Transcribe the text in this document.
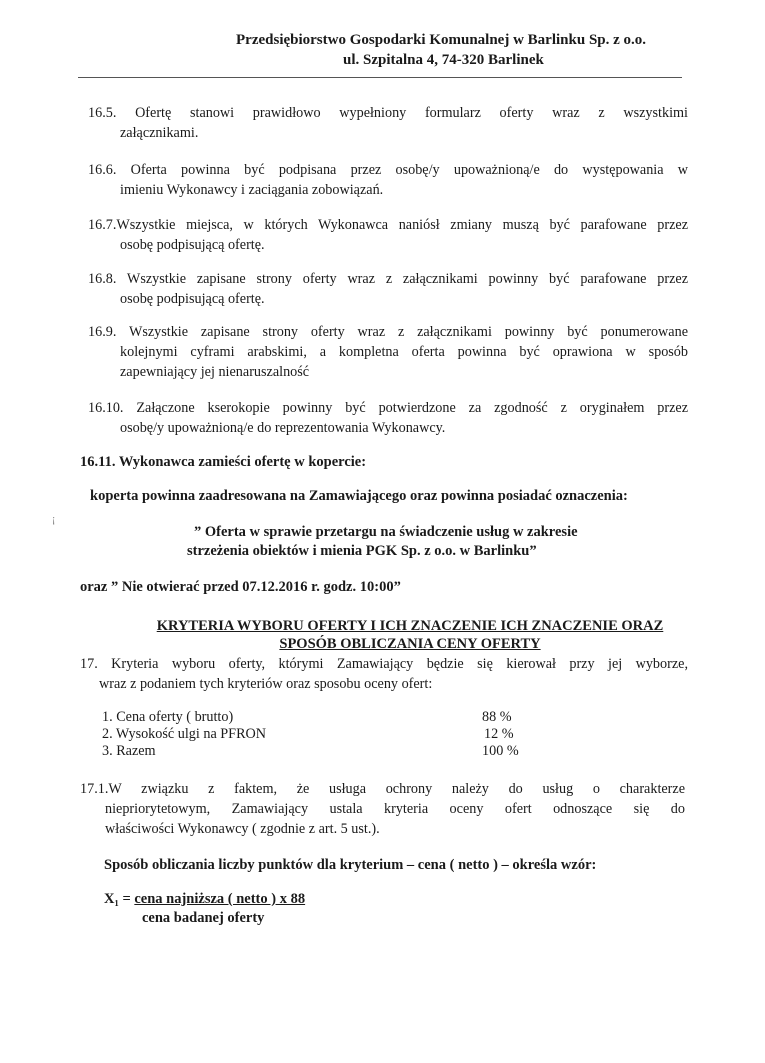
Przedsiębiorstwo Gospodarki Komunalnej w Barlinku Sp. z o.o.
ul. Szpitalna 4, 74-320 Barlinek
16.5. Ofertę stanowi prawidłowo wypełniony formularz oferty wraz z wszystkimi
załącznikami.
16.6. Oferta powinna być podpisana przez osobę/y upoważnioną/e do występowania w
imieniu Wykonawcy i zaciągania zobowiązań.
16.7.Wszystkie miejsca, w których Wykonawca naniósł zmiany muszą być parafowane przez
osobę podpisującą ofertę.
16.8. Wszystkie zapisane strony oferty wraz z załącznikami powinny być parafowane przez
osobę podpisującą ofertę.
16.9. Wszystkie zapisane strony oferty wraz z załącznikami powinny być ponumerowane
kolejnymi cyframi arabskimi, a kompletna oferta powinna być oprawiona w sposób
zapewniający jej nienaruszalność
16.10. Załączone kserokopie powinny być potwierdzone za zgodność z oryginałem przez
osobę/y upoważnioną/e do reprezentowania Wykonawcy.
16.11. Wykonawca zamieści ofertę w kopercie:
koperta powinna zaadresowana na Zamawiającego oraz powinna posiadać oznaczenia:
¡
” Oferta w sprawie przetargu na świadczenie usług w zakresie
strzeżenia obiektów i mienia PGK Sp. z o.o. w Barlinku”
oraz ” Nie otwierać przed 07.12.2016 r. godz. 10:00”
KRYTERIA WYBORU OFERTY I ICH ZNACZENIE ICH ZNACZENIE ORAZ
SPOSÓB OBLICZANIA CENY OFERTY
17. Kryteria wyboru oferty, którymi Zamawiający będzie się kierował przy jej wyborze,
wraz z podaniem tych kryteriów oraz sposobu oceny ofert:
1. Cena oferty ( brutto)	88 %
2. Wysokość ulgi na PFRON	12 %
3. Razem	100 %
17.1.W związku z faktem, że usługa ochrony należy do usług o charakterze
niepriorytetowym, Zamawiający ustala kryteria oceny ofert odnoszące się do
właściwości Wykonawcy ( zgodnie z art. 5 ust.).
Sposób obliczania liczby punktów dla kryterium – cena ( netto ) – określa wzór:
X₁ = cena najniższa ( netto ) x 88
cena badanej oferty
